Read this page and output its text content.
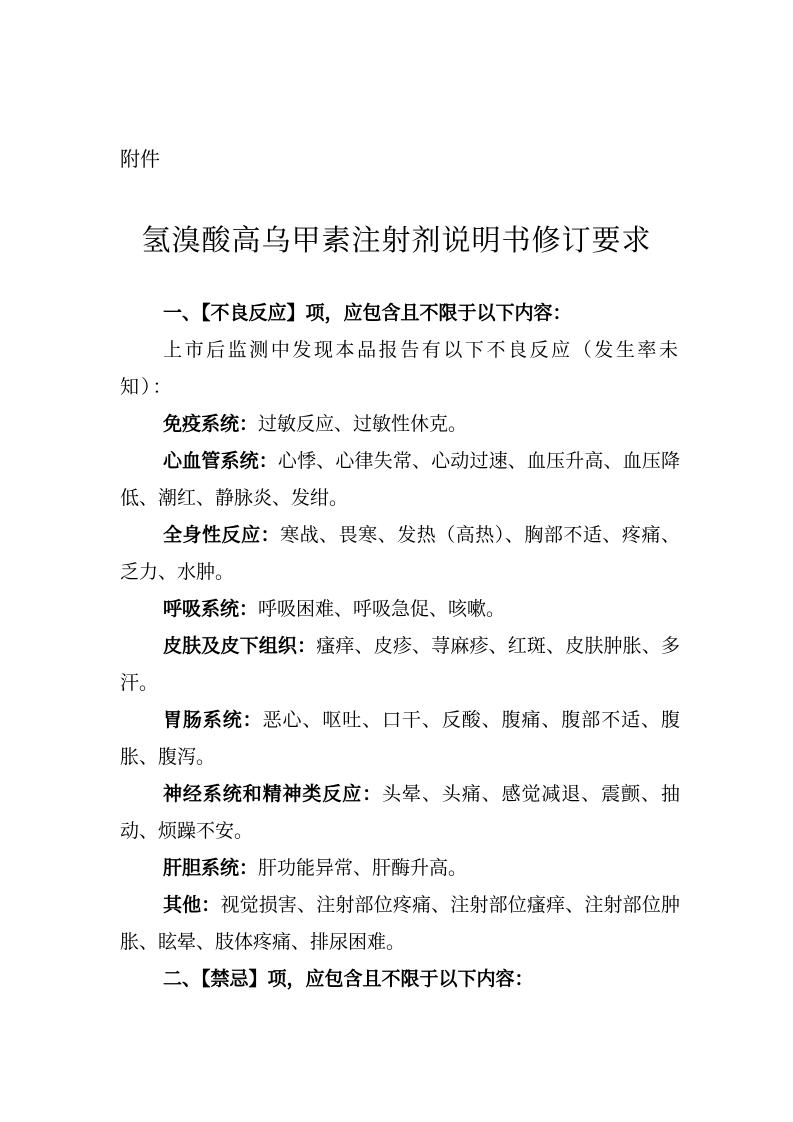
附件
氢溴酸高乌甲素注射剂说明书修订要求

一、【不良反应】项，应包含且不限于以下内容：

上市后监测中发现本品报告有以下不良反应（发生率未知）：

免疫系统：过敏反应、过敏性休克。

心血管系统：心悸、心律失常、心动过速、血压升高、血压降低、潮红、静脉炎、发绀。

全身性反应：寒战、畏寒、发热（高热）、胸部不适、疼痛、乏力、水肿。

呼吸系统：呼吸困难、呼吸急促、咳嗽。

皮肤及皮下组织：瘙痒、皮疹、荨麻疹、红斑、皮肤肿胀、多汗。

胃肠系统：恶心、呕吐、口干、反酸、腹痛、腹部不适、腹胀、腹泻。

神经系统和精神类反应：头晕、头痛、感觉减退、震颤、抽动、烦躁不安。

肝胆系统：肝功能异常、肝酶升高。

其他：视觉损害、注射部位疼痛、注射部位瘙痒、注射部位肿胀、眩晕、肢体疼痛、排尿困难。

二、【禁忌】项，应包含且不限于以下内容：
